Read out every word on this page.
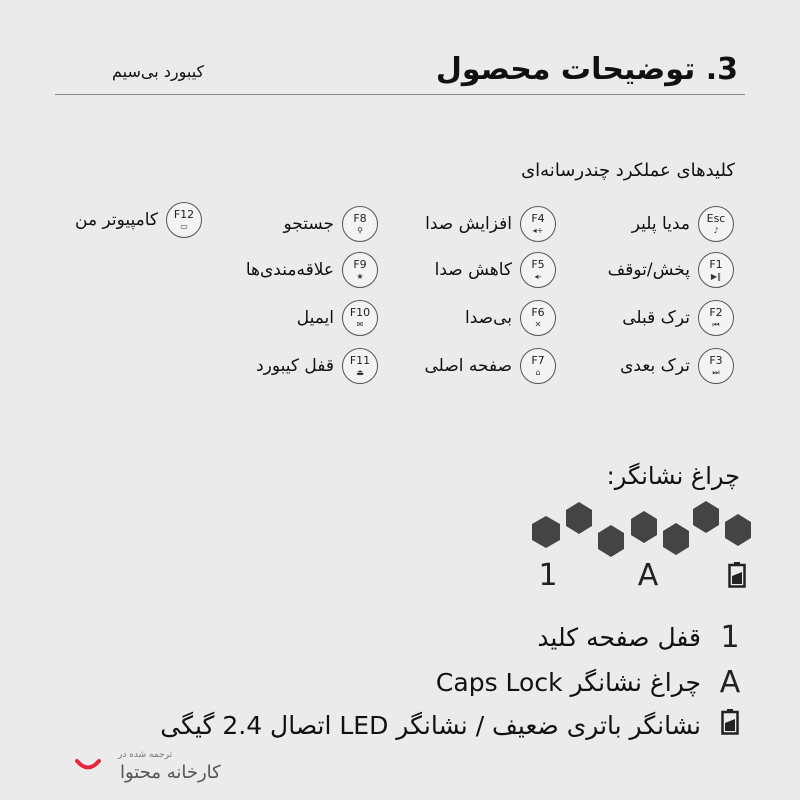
3. توضیحات محصول
کیبورد بی‌سیم
کلیدهای عملکرد چندرسانه‌ای
Esc
♪
مدیا پلیر
F1
▶‖
پخش/توقف
F2
⏮
ترک قبلی
F3
⏭
ترک بعدی
F4
◂+
افزایش صدا
F5
◂-
کاهش صدا
F6
✕
بی‌صدا
F7
⌂
صفحه اصلی
F8
⚲
جستجو
F9
★
علاقه‌مندی‌ها
F10
✉
ایمیل
F11
⏏
قفل کیبورد
F12
▭
کامپیوتر من
چراغ نشانگر:
1	A
1
قفل صفحه کلید
A
چراغ نشانگر Caps Lock
نشانگر باتری ضعیف / نشانگر LED اتصال 2.4 گیگی
ترجمه شده در
کارخانه محتوا
